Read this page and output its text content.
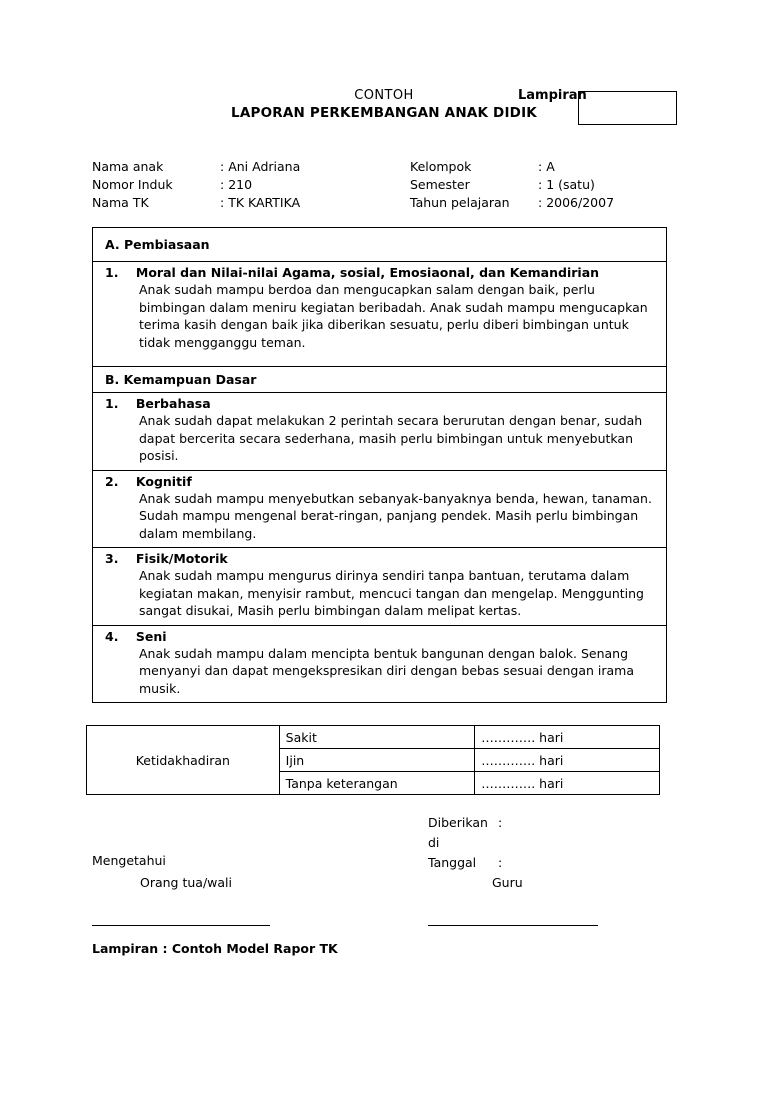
CONTOH
LAPORAN PERKEMBANGAN ANAK DIDIK
Lampiran
Nama anak	: Ani Adriana	Kelompok	: A
Nomor Induk	: 210	Semester	: 1 (satu)
Nama TK	: TK KARTIKA	Tahun pelajaran	: 2006/2007
A. Pembiasaan
1. Moral dan Nilai-nilai Agama, sosial, Emosiaonal, dan Kemandirian
Anak sudah mampu berdoa dan mengucapkan salam dengan baik, perlu bimbingan dalam meniru kegiatan beribadah. Anak sudah mampu mengucapkan terima kasih dengan baik jika diberikan sesuatu, perlu diberi bimbingan untuk tidak mengganggu teman.
B. Kemampuan Dasar
1. Berbahasa
Anak sudah dapat melakukan 2 perintah secara berurutan dengan benar, sudah dapat bercerita secara sederhana, masih perlu bimbingan untuk menyebutkan posisi.
2. Kognitif
Anak sudah mampu menyebutkan sebanyak-banyaknya benda, hewan, tanaman. Sudah mampu mengenal berat-ringan, panjang pendek. Masih perlu bimbingan dalam membilang.
3. Fisik/Motorik
Anak sudah mampu mengurus dirinya sendiri tanpa bantuan, terutama dalam kegiatan makan, menyisir rambut, mencuci tangan dan mengelap. Menggunting sangat disukai, Masih perlu bimbingan dalam melipat kertas.
4. Seni
Anak sudah mampu dalam mencipta bentuk bangunan dengan balok. Senang menyanyi dan dapat mengekspresikan diri dengan bebas sesuai dengan irama musik.
Ketidakhadiran	Sakit	…………. hari
	Ijin	…………. hari
	Tanpa keterangan	…………. hari
Diberikan di
:
Tanggal	:
Mengetahui
Orang tua/wali	Guru
Lampiran : Contoh Model Rapor TK
